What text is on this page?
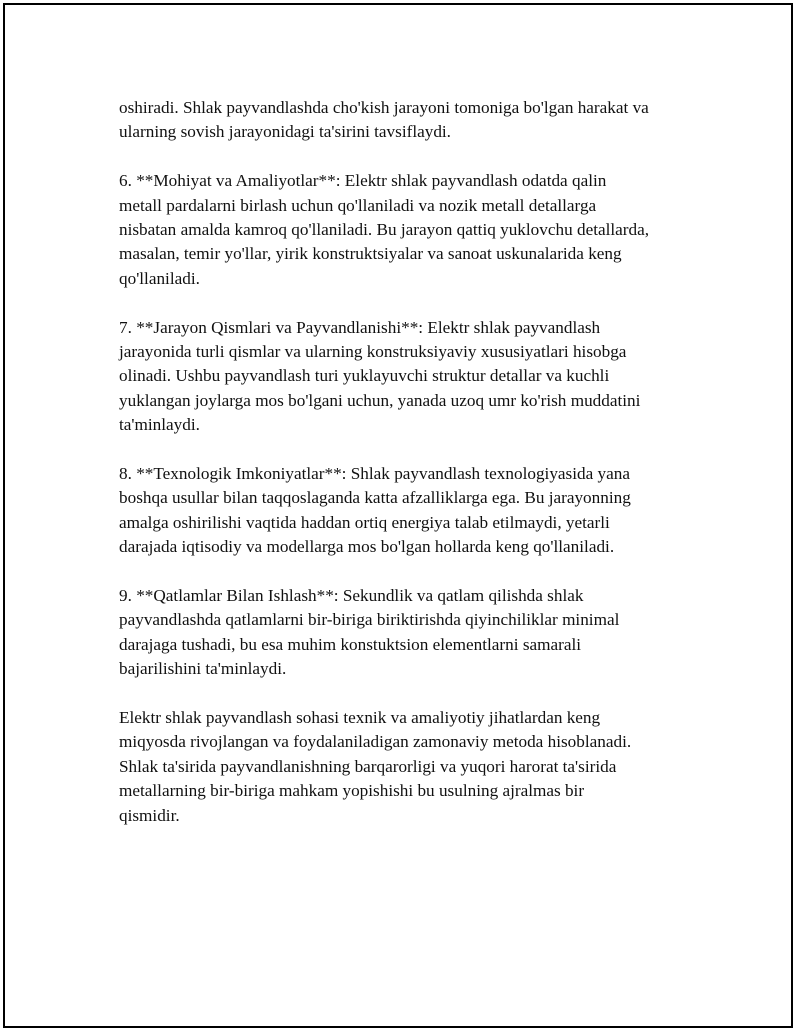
oshiradi. Shlak payvandlashda cho'kish jarayoni tomoniga bo'lgan harakat va
ularning sovish jarayonidagi ta'sirini tavsiflaydi.

6. **Mohiyat va Amaliyotlar**: Elektr shlak payvandlash odatda qalin
metall pardalarni birlash uchun qo'llaniladi va nozik metall detallarga
nisbatan amalda kamroq qo'llaniladi. Bu jarayon qattiq yuklovchu detallarda,
masalan, temir yo'llar, yirik konstruktsiyalar va sanoat uskunalarida keng
qo'llaniladi.

7. **Jarayon Qismlari va Payvandlanishi**: Elektr shlak payvandlash
jarayonida turli qismlar va ularning konstruksiyaviy xususiyatlari hisobga
olinadi. Ushbu payvandlash turi yuklayuvchi struktur detallar va kuchli
yuklangan joylarga mos bo'lgani uchun, yanada uzoq umr ko'rish muddatini
ta'minlaydi.

8. **Texnologik Imkoniyatlar**: Shlak payvandlash texnologiyasida yana
boshqa usullar bilan taqqoslaganda katta afzalliklarga ega. Bu jarayonning
amalga oshirilishi vaqtida haddan ortiq energiya talab etilmaydi, yetarli
darajada iqtisodiy va modellarga mos bo'lgan hollarda keng qo'llaniladi.

9. **Qatlamlar Bilan Ishlash**: Sekundlik va qatlam qilishda shlak
payvandlashda qatlamlarni bir-biriga biriktirishda qiyinchiliklar minimal
darajaga tushadi, bu esa muhim konstuktsion elementlarni samarali
bajarilishini ta'minlaydi.

Elektr shlak payvandlash sohasi texnik va amaliyotiy jihatlardan keng
miqyosda rivojlangan va foydalaniladigan zamonaviy metoda hisoblanadi.
Shlak ta'sirida payvandlanishning barqarorligi va yuqori harorat ta'sirida
metallarning bir-biriga mahkam yopishishi bu usulning ajralmas bir
qismidir.
